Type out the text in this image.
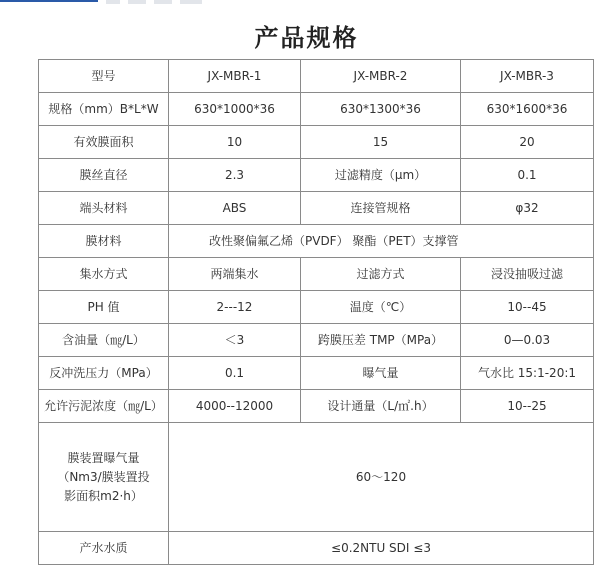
产品规格
型号	JX-MBR-1	JX-MBR-2	JX-MBR-3
规格（mm）B*L*W	630*1000*36	630*1300*36	630*1600*36
有效膜面积	10	15	20
膜丝直径	2.3	过滤精度（μm）	0.1
端头材料	ABS	连接管规格	φ32
膜材料	改性聚偏氟乙烯（PVDF） 聚酯（PET）支撑管		
集水方式	两端集水	过滤方式	浸没抽吸过滤
PH 值	2---12	温度（℃）	10--45
含油量（㎎/L）	＜3	跨膜压差 TMP（MPa）	0—0.03
反冲洗压力（MPa）	0.1	曝气量	气水比 15:1-20:1
允许污泥浓度（㎎/L）	4000--12000	设计通量（L/㎡.h）	10--25
膜装置曝气量（Nm3/膜装置投影面积m2·h）	60～120		
产水水质	≤0.2NTU SDI ≤3		
